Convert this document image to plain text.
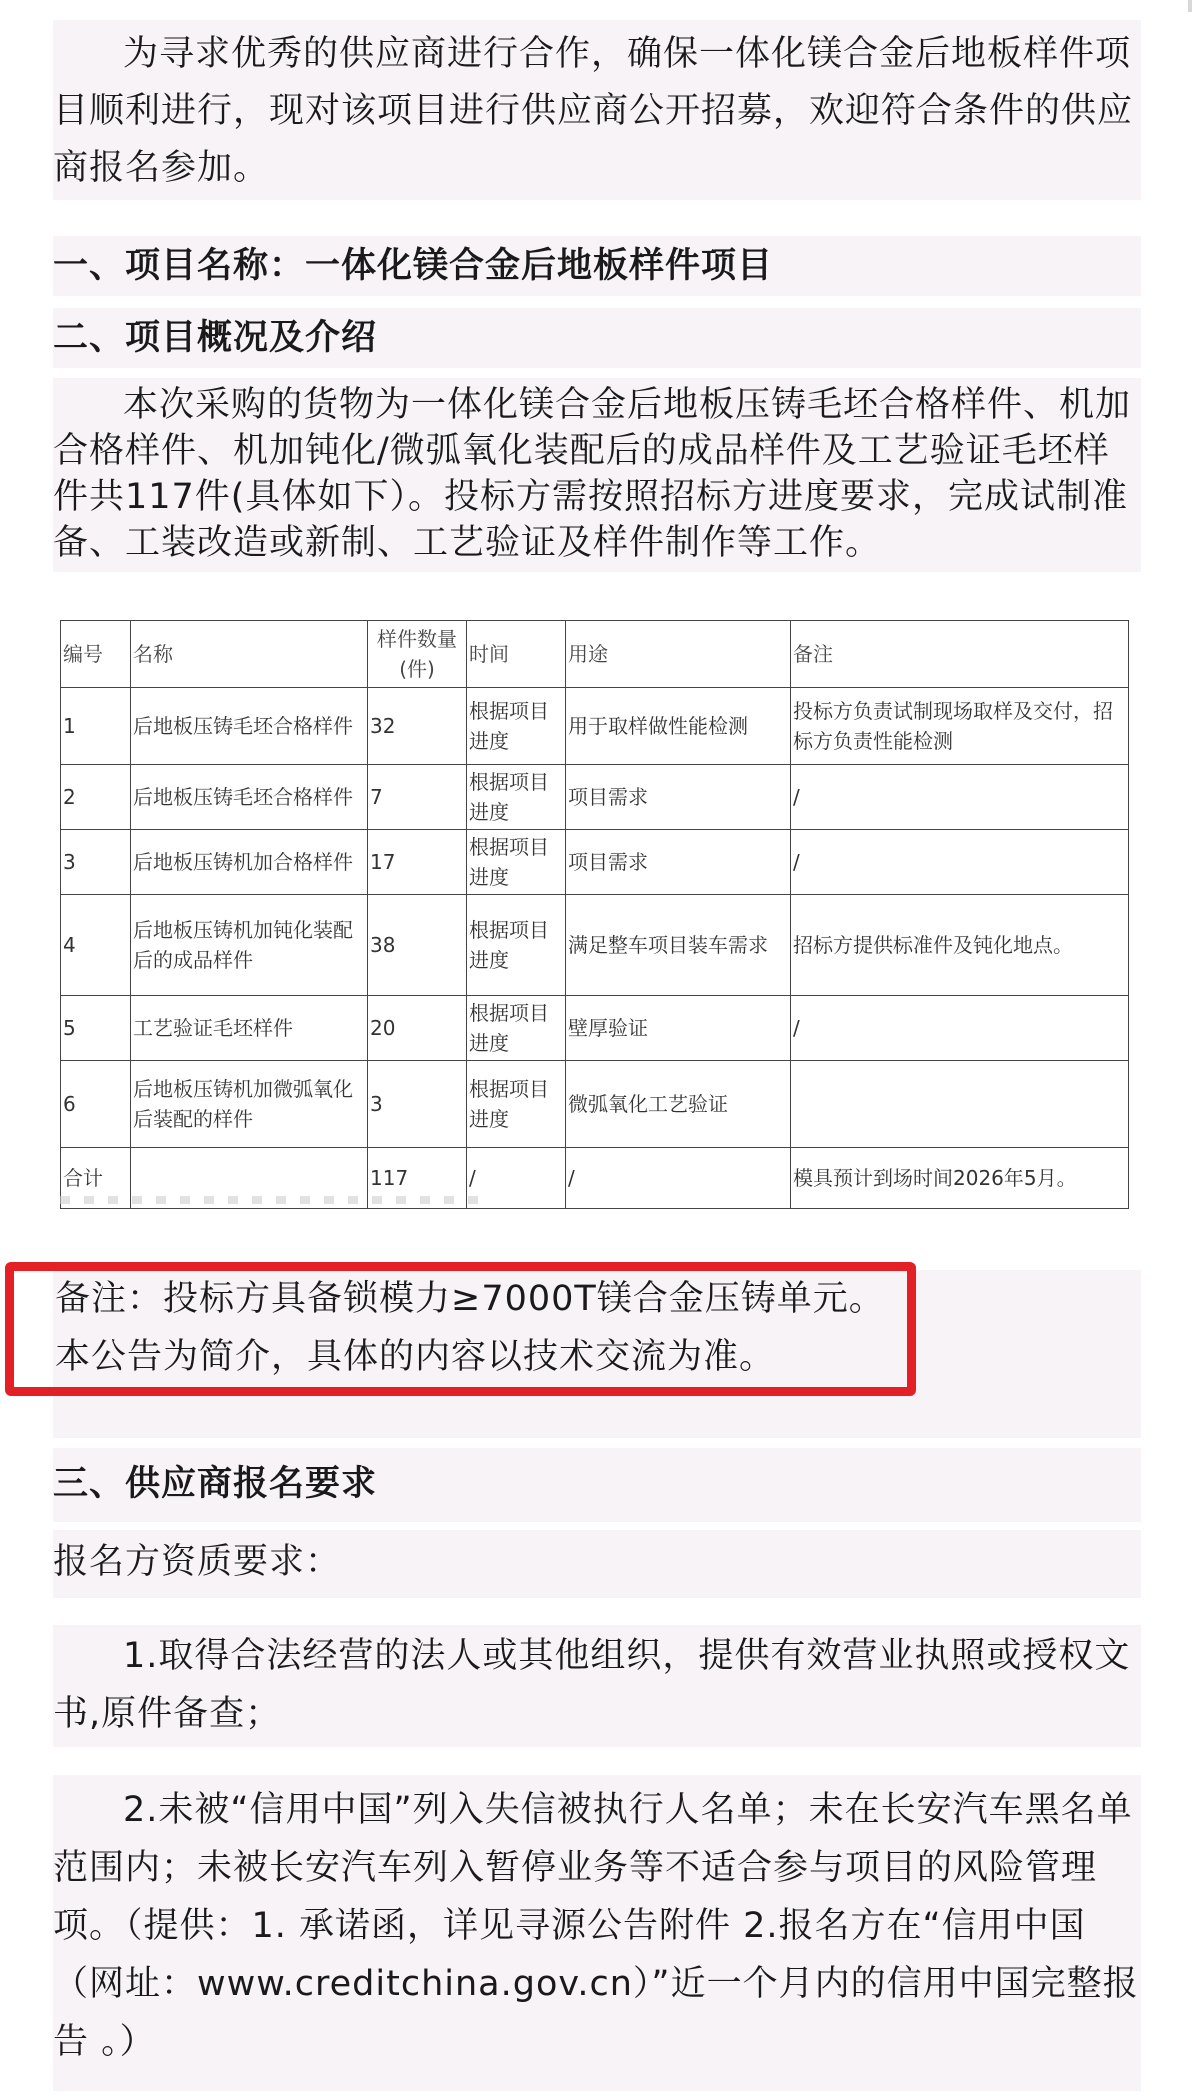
为寻求优秀的供应商进行合作，确保一体化镁合金后地板样件项目顺利进行，现对该项目进行供应商公开招募，欢迎符合条件的供应商报名参加。

一、项目名称：一体化镁合金后地板样件项目

二、项目概况及介绍

本次采购的货物为一体化镁合金后地板压铸毛坯合格样件、机加合格样件、机加钝化/微弧氧化装配后的成品样件及工艺验证毛坯样件共117件(具体如下）。投标方需按照招标方进度要求，完成试制准备、工装改造或新制、工艺验证及样件制作等工作。

编号	名称	样件数量(件)	时间	用途	备注
1	后地板压铸毛坯合格样件	32	根据项目进度	用于取样做性能检测	投标方负责试制现场取样及交付，招标方负责性能检测
2	后地板压铸毛坯合格样件	7	根据项目进度	项目需求	/
3	后地板压铸机加合格样件	17	根据项目进度	项目需求	/
4	后地板压铸机加钝化装配后的成品样件	38	根据项目进度	满足整车项目装车需求	招标方提供标准件及钝化地点。
5	工艺验证毛坯样件	20	根据项目进度	壁厚验证	/
6	后地板压铸机加微弧氧化后装配的样件	3	根据项目进度	微弧氧化工艺验证	
合计		117	/	/	模具预计到场时间2026年5月。
备注：投标方具备锁模力≥7000T镁合金压铸单元。
本公告为简介，具体的内容以技术交流为准。

三、供应商报名要求

报名方资质要求：

1.取得合法经营的法人或其他组织，提供有效营业执照或授权文书,原件备查；

2.未被“信用中国”列入失信被执行人名单；未在长安汽车黑名单范围内；未被长安汽车列入暂停业务等不适合参与项目的风险管理项。（提供：1. 承诺函，详见寻源公告附件 2.报名方在“信用中国（网址：www.creditchina.gov.cn）”近一个月内的信用中国完整报告 。）
